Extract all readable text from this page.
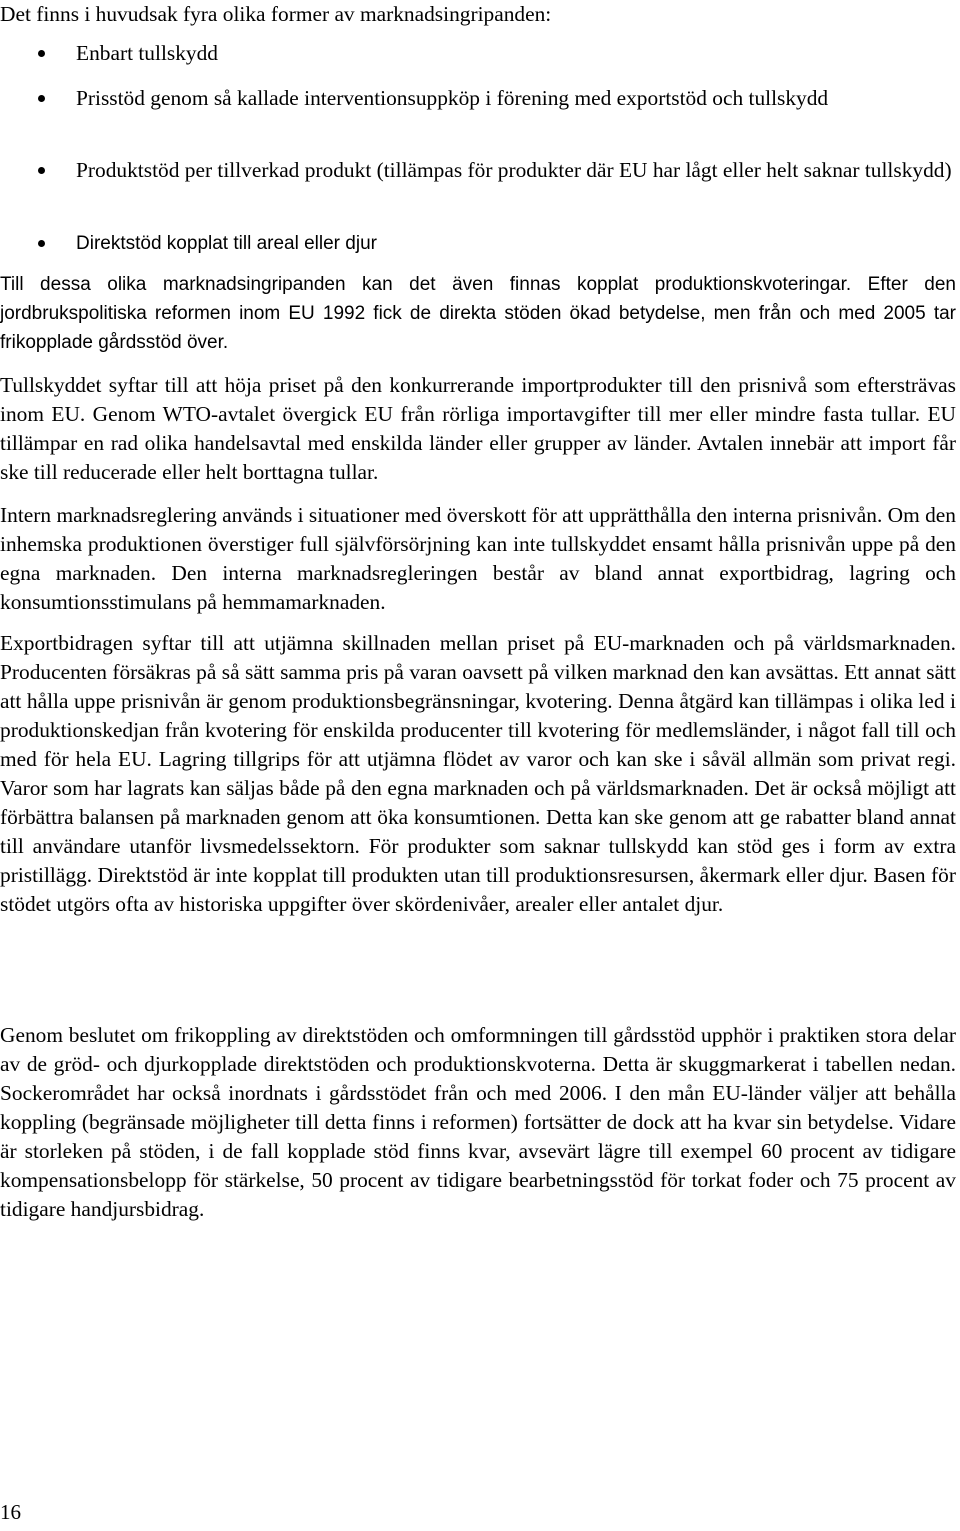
Det finns i huvudsak fyra olika former av marknadsingripanden:

Enbart tullskydd

Prisstöd genom så kallade interventionsuppköp i förening med exportstöd och tullskydd

Produktstöd per tillverkad produkt (tillämpas för produkter där EU har lågt eller helt saknar tullskydd)

Direktstöd kopplat till areal eller djur

Till dessa olika marknadsingripanden kan det även finnas kopplat produktionskvoteringar. Efter den jordbrukspolitiska reformen inom EU 1992 fick de direkta stöden ökad betydelse, men från och med 2005 tar frikopplade gårdsstöd över.

Tullskyddet syftar till att höja priset på den konkurrerande importprodukter till den prisnivå som eftersträvas inom EU. Genom WTO-avtalet övergick EU från rörliga importavgifter till mer eller mindre fasta tullar. EU tillämpar en rad olika handelsavtal med enskilda länder eller grupper av länder. Avtalen innebär att import får ske till reducerade eller helt borttagna tullar.

Intern marknadsreglering används i situationer med överskott för att upprätthålla den interna prisnivån. Om den inhemska produktionen överstiger full självförsörjning kan inte tullskyddet ensamt hålla prisnivån uppe på den egna marknaden. Den interna marknadsregleringen består av bland annat exportbidrag, lagring och konsumtionsstimulans på hemmamarknaden.

Exportbidragen syftar till att utjämna skillnaden mellan priset på EU-marknaden och på världsmarknaden. Producenten försäkras på så sätt samma pris på varan oavsett på vilken marknad den kan avsättas. Ett annat sätt att hålla uppe prisnivån är genom produktionsbegränsningar, kvotering. Denna åtgärd kan tillämpas i olika led i produktionskedjan från kvotering för enskilda producenter till kvotering för medlemsländer, i något fall till och med för hela EU. Lagring tillgrips för att utjämna flödet av varor och kan ske i såväl allmän som privat regi. Varor som har lagrats kan säljas både på den egna marknaden och på världsmarknaden. Det är också möjligt att förbättra balansen på marknaden genom att öka konsumtionen. Detta kan ske genom att ge rabatter bland annat till användare utanför livsmedelssektorn. För produkter som saknar tullskydd kan stöd ges i form av extra pristillägg. Direktstöd är inte kopplat till produkten utan till produktionsresursen, åkermark eller djur. Basen för stödet utgörs ofta av historiska uppgifter över skördenivåer, arealer eller antalet djur.

Genom beslutet om frikoppling av direktstöden och omformningen till gårdsstöd upphör i praktiken stora delar av de gröd- och djurkopplade direktstöden och produktionskvoterna. Detta är skuggmarkerat i tabellen nedan. Sockerområdet har också inordnats i gårdsstödet från och med 2006. I den mån EU-länder väljer att behålla koppling (begränsade möjligheter till detta finns i reformen) fortsätter de dock att ha kvar sin betydelse. Vidare är storleken på stöden, i de fall kopplade stöd finns kvar, avsevärt lägre till exempel 60 procent av tidigare kompensationsbelopp för stärkelse, 50 procent av tidigare bearbetningsstöd för torkat foder och 75 procent av tidigare handjursbidrag.

16
